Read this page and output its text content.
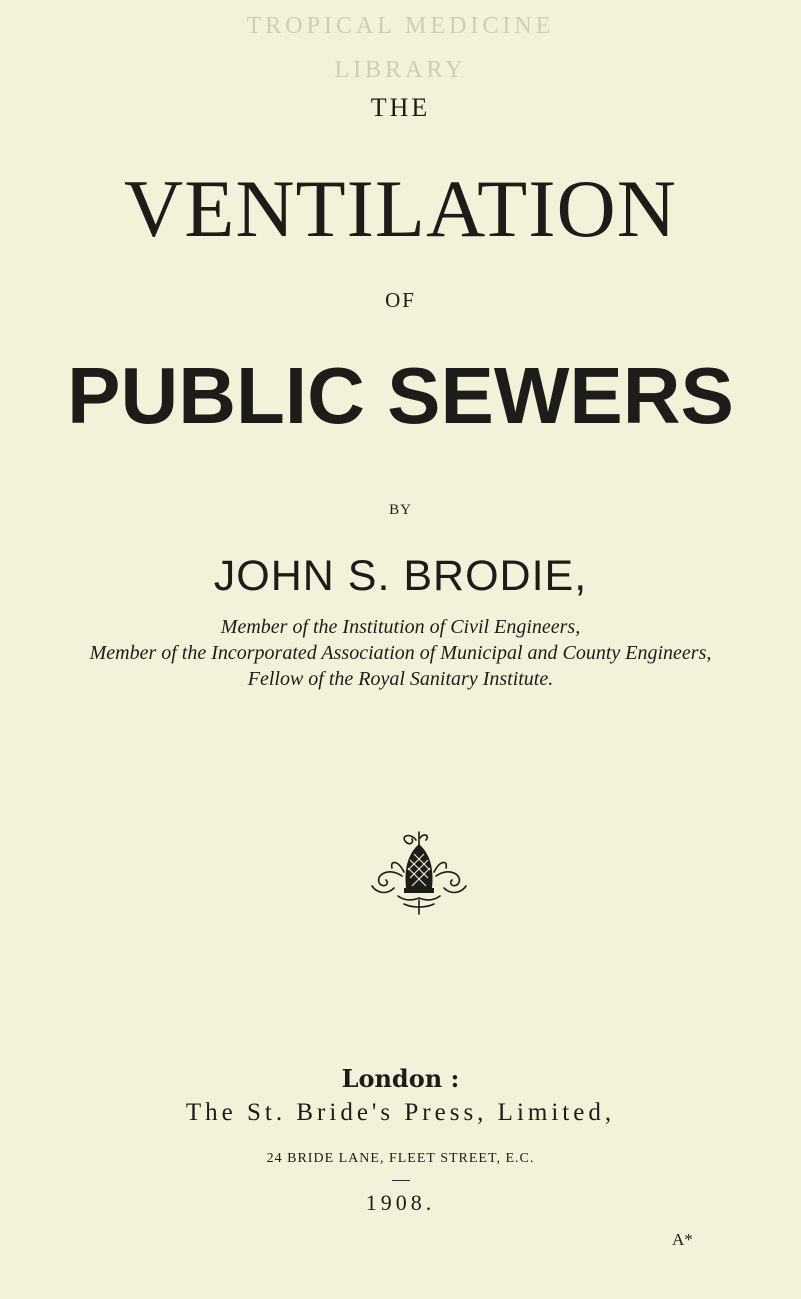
TROPICAL MEDICINE
LIBRARY
THE
VENTILATION
OF
PUBLIC SEWERS
BY
JOHN S. BRODIE,
Member of the Institution of Civil Engineers,
Member of the Incorporated Association of Municipal and County Engineers,
Fellow of the Royal Sanitary Institute.
London :
The St. Bride's Press, Limited,
24 BRIDE LANE, FLEET STREET, E.C.
1908.
A*
